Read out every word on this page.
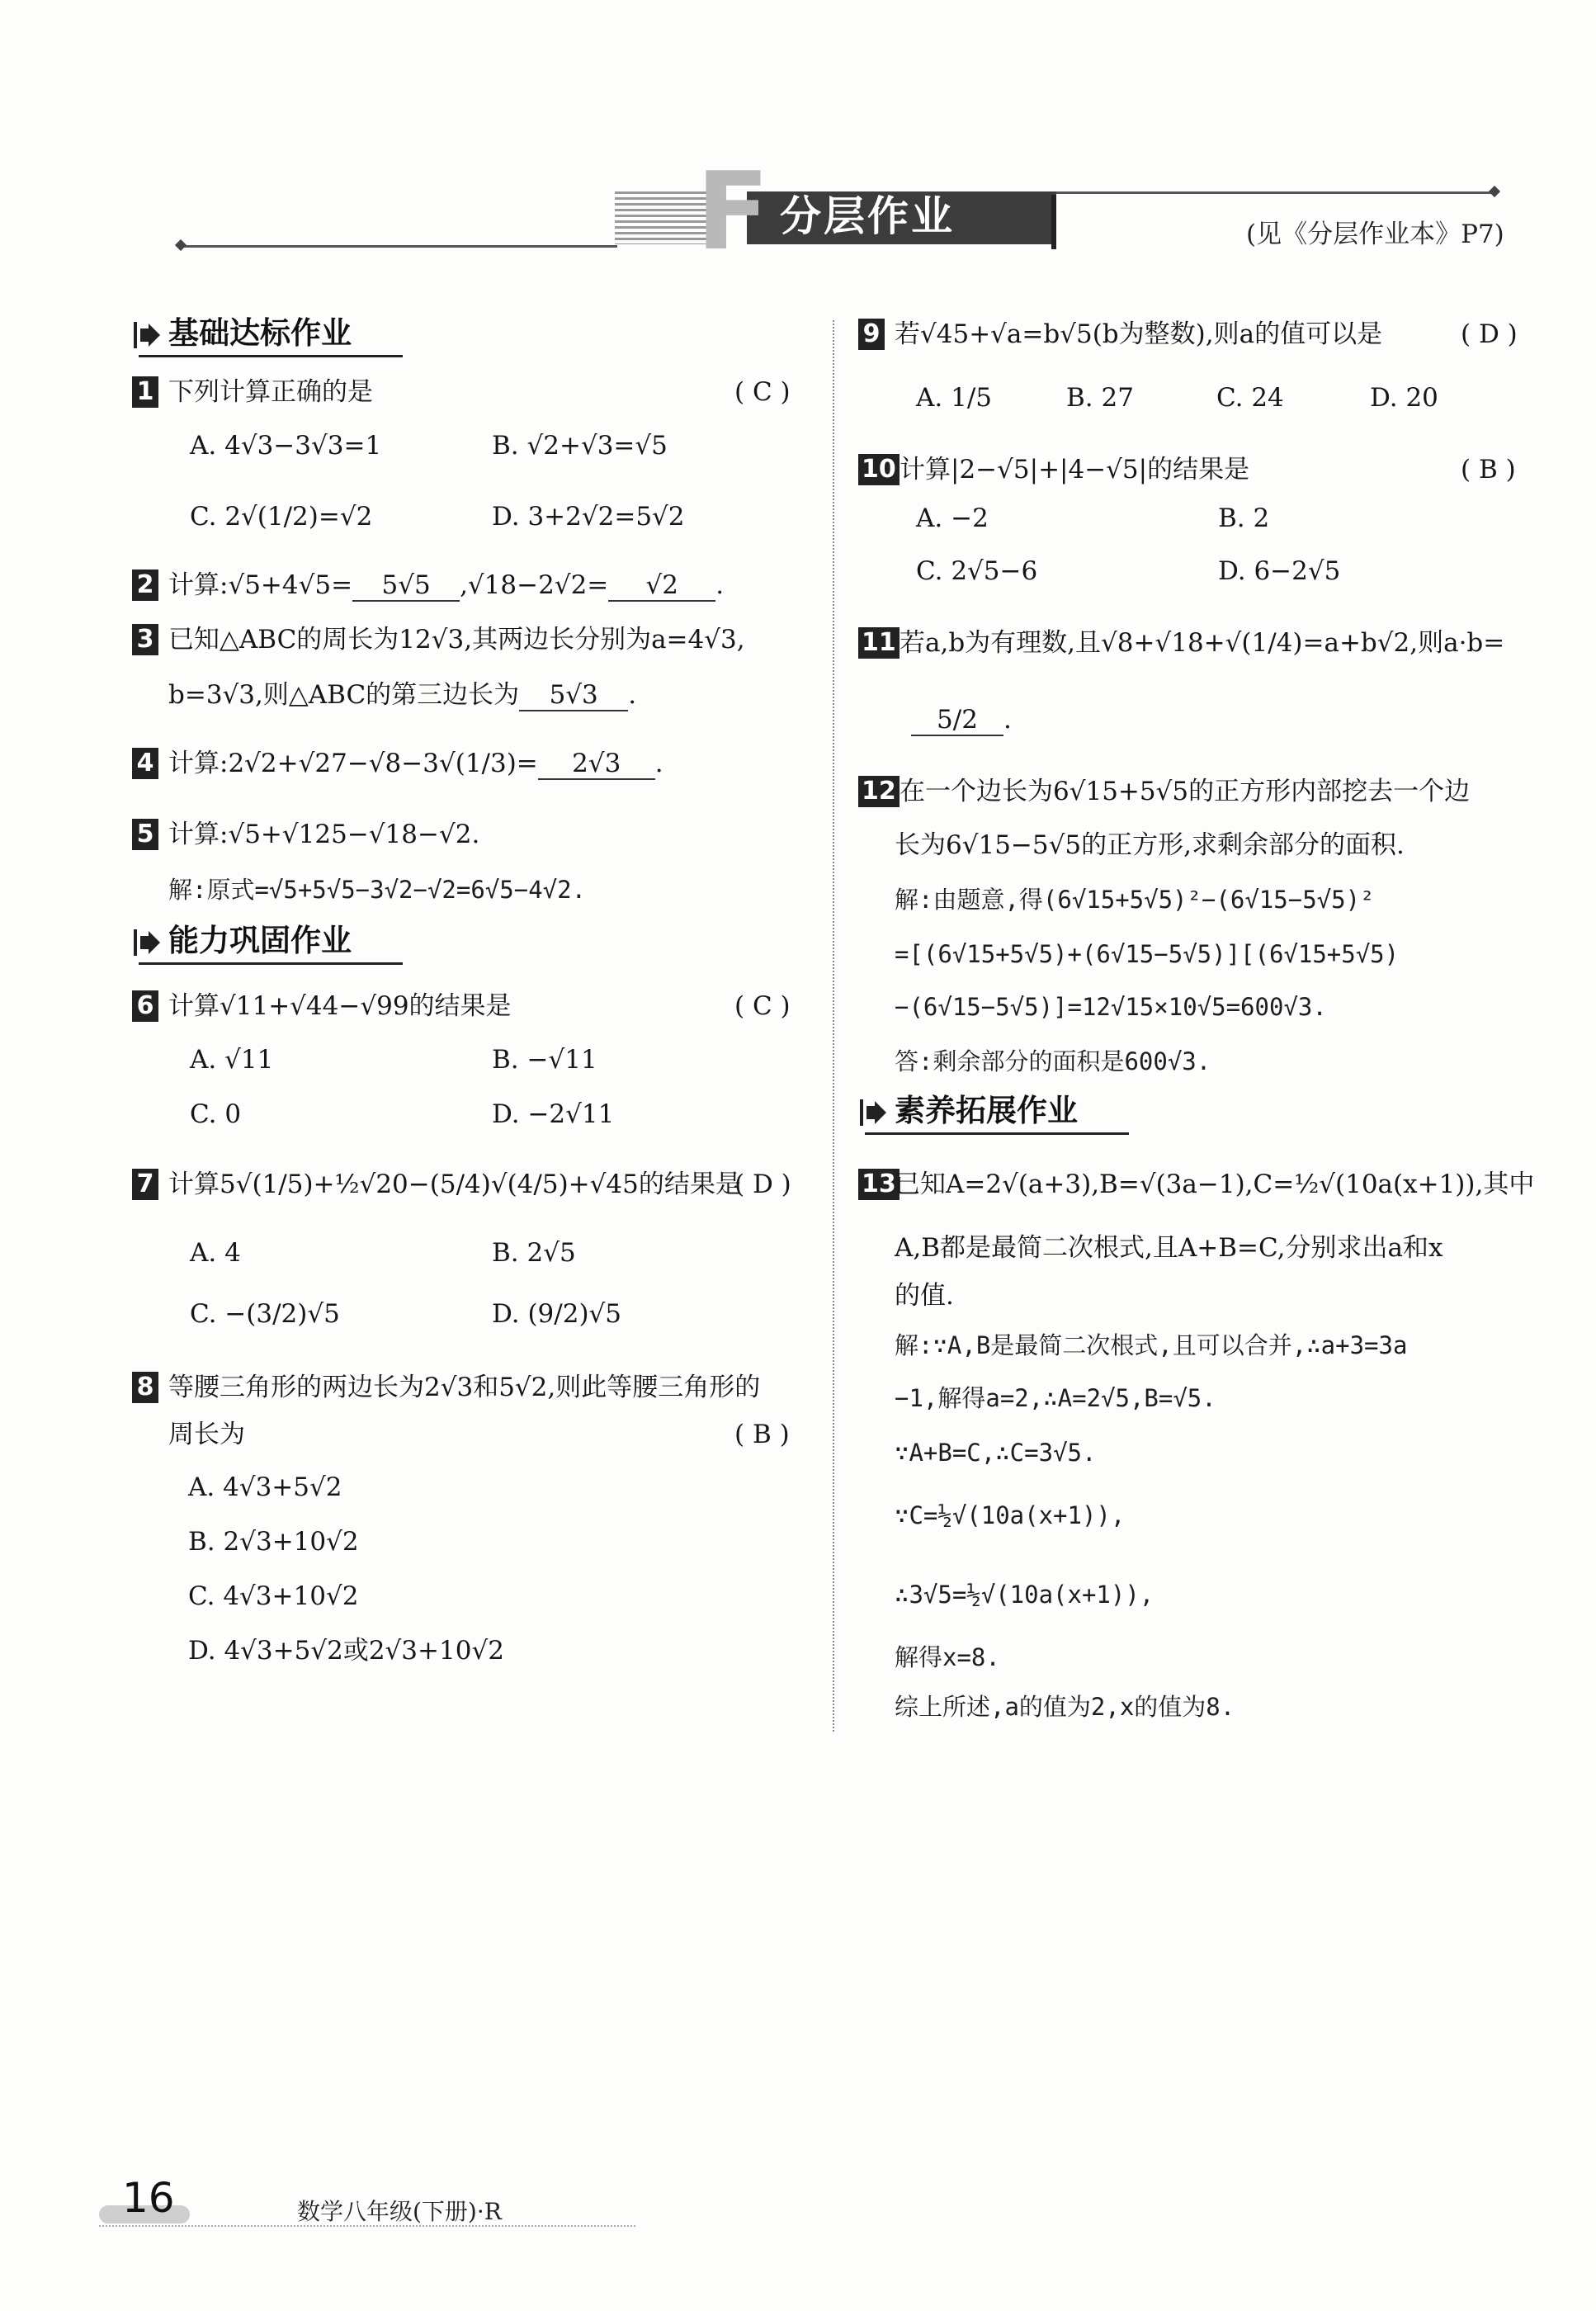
F 分层作业	(见《分层作业本》P7)
基础达标作业
1 下列计算正确的是	( C )
A. 4√3−3√3=1	B. √2+√3=√5
C. 2√(1/2)=√2	D. 3+2√2=5√2
2 计算:√5+4√5= 5√5 ,√18−2√2= √2 .
3 已知△ABC的周长为12√3,其两边长分别为a=4√3,
b=3√3,则△ABC的第三边长为 5√3 .
4 计算:2√2+√27−√8−3√(1/3)= 2√3 .
5 计算:√5+√125−√18−√2.
解:原式=√5+5√5−3√2−√2=6√5−4√2.
能力巩固作业
6 计算√11+√44−√99的结果是	( C )
A. √11	B. −√11
C. 0	D. −2√11
7 计算5√(1/5)+½√20−(5/4)√(4/5)+√45的结果是
( D )
A. 4	B. 2√5
C. −(3/2)√5	D. (9/2)√5
8 等腰三角形的两边长为2√3和5√2,则此等腰三角形的
周长为	( B )
A. 4√3+5√2
B. 2√3+10√2
C. 4√3+10√2
D. 4√3+5√2或2√3+10√2
9 若√45+√a=b√5(b为整数),则a的值可以是	( D )
A. 1/5	B. 27	C. 24	D. 20
10 计算|2−√5|+|4−√5|的结果是	( B )
A. −2	B. 2
C. 2√5−6	D. 6−2√5
11 若a,b为有理数,且√8+√18+√(1/4)=a+b√2,则a·b=
5/2 .
12 在一个边长为6√15+5√5的正方形内部挖去一个边
长为6√15−5√5的正方形,求剩余部分的面积.
解:由题意,得(6√15+5√5)²−(6√15−5√5)²
=[(6√15+5√5)+(6√15−5√5)][(6√15+5√5)
−(6√15−5√5)]=12√15×10√5=600√3.
答:剩余部分的面积是600√3.
素养拓展作业
13
已知A=2√(a+3),B=√(3a−1),C=½√(10a(x+1)),其中
A,B都是最简二次根式,且A+B=C,分别求出a和x
的值.
解:∵A,B是最简二次根式,且可以合并,∴a+3=3a
−1,解得a=2,∴A=2√5,B=√5.
∵A+B=C,∴C=3√5.
∵C=½√(10a(x+1)),
∴3√5=½√(10a(x+1)),
解得x=8.
综上所述,a的值为2,x的值为8.
16	数学八年级(下册)·R
